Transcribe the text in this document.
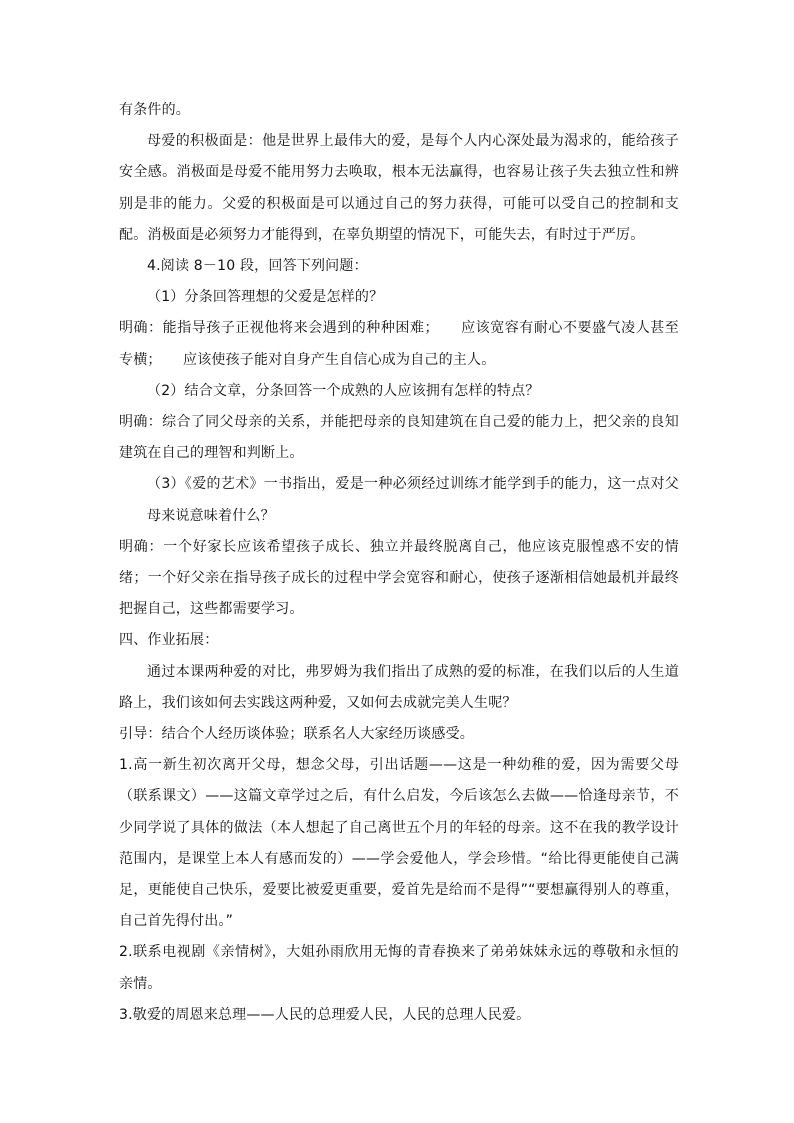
有条件的。

母爱的积极面是：他是世界上最伟大的爱，是每个人内心深处最为渴求的，能给孩子安全感。消极面是母爱不能用努力去唤取，根本无法赢得，也容易让孩子失去独立性和辨别是非的能力。父爱的积极面是可以通过自己的努力获得，可能可以受自己的控制和支配。消极面是必须努力才能得到，在辜负期望的情况下，可能失去，有时过于严厉。

4.阅读 8－10 段，回答下列问题：

（1）分条回答理想的父爱是怎样的？

明确：能指导孩子正视他将来会遇到的种种困难；　　应该宽容有耐心不要盛气凌人甚至专横；　　应该使孩子能对自身产生自信心成为自己的主人。

（2）结合文章，分条回答一个成熟的人应该拥有怎样的特点？

明确：综合了同父母亲的关系，并能把母亲的良知建筑在自己爱的能力上，把父亲的良知建筑在自己的理智和判断上。

（3）《爱的艺术》一书指出，爱是一种必须经过训练才能学到手的能力，这一点对父母来说意味着什么？

明确：一个好家长应该希望孩子成长、独立并最终脱离自己，他应该克服惶惑不安的情绪；一个好父亲在指导孩子成长的过程中学会宽容和耐心，使孩子逐渐相信她最机并最终把握自己，这些都需要学习。

四、作业拓展：

通过本课两种爱的对比，弗罗姆为我们指出了成熟的爱的标准，在我们以后的人生道路上，我们该如何去实践这两种爱，又如何去成就完美人生呢？

引导：结合个人经历谈体验；联系名人大家经历谈感受。

1.高一新生初次离开父母，想念父母，引出话题——这是一种幼稚的爱，因为需要父母（联系课文）——这篇文章学过之后，有什么启发，今后该怎么去做——恰逢母亲节，不少同学说了具体的做法（本人想起了自己离世五个月的年轻的母亲。这不在我的教学设计范围内，是课堂上本人有感而发的）——学会爱他人，学会珍惜。“给比得更能使自己满足，更能使自己快乐，爱要比被爱更重要，爱首先是给而不是得”“要想赢得别人的尊重，自己首先得付出。”

2.联系电视剧《亲情树》，大姐孙雨欣用无悔的青春换来了弟弟妹妹永远的尊敬和永恒的亲情。

3.敬爱的周恩来总理——人民的总理爱人民，人民的总理人民爱。
